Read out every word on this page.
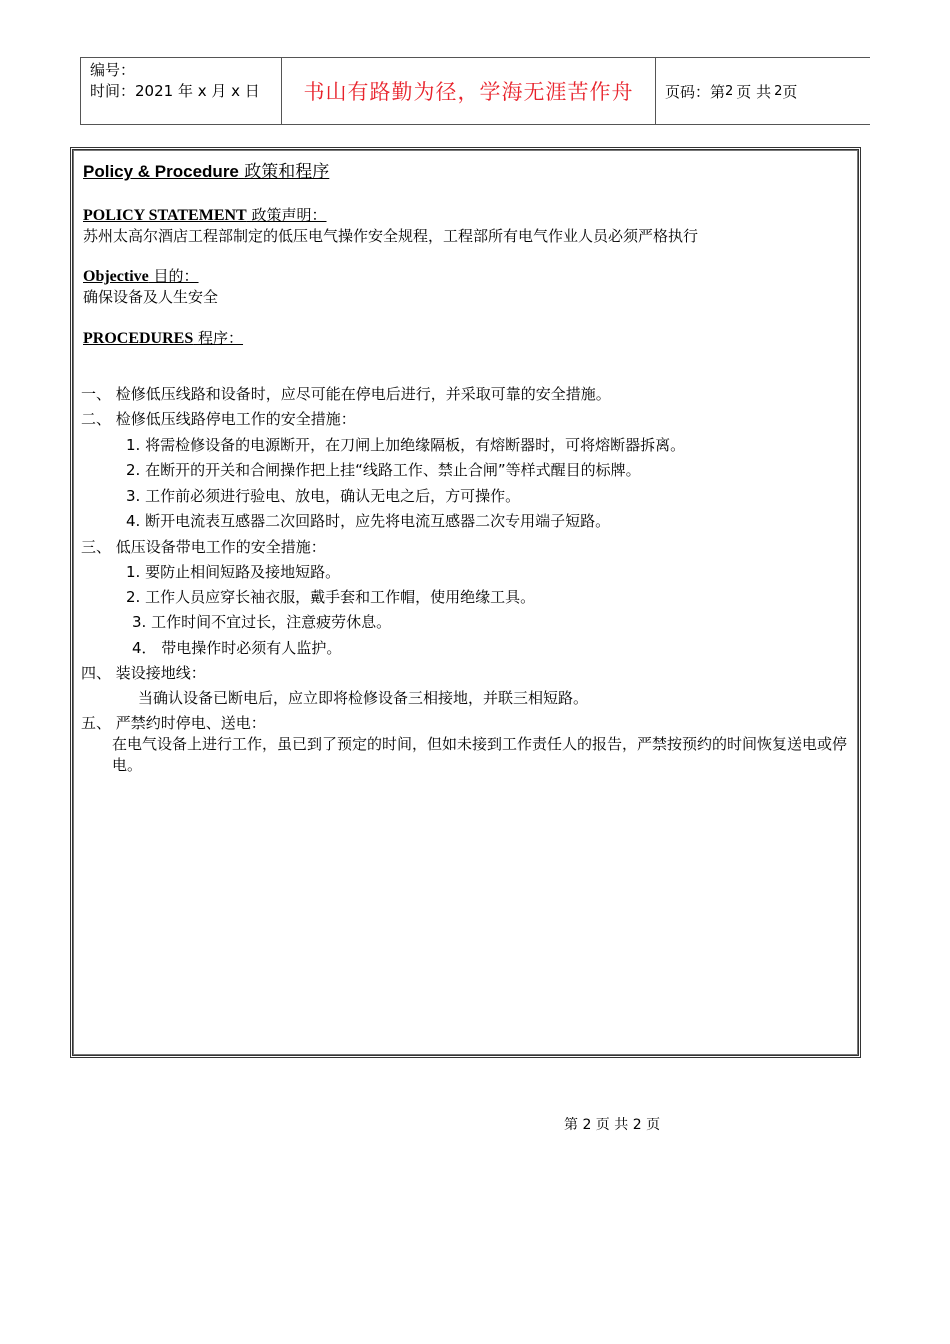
编号：
时间：2021 年 x 月 x 日	书山有路勤为径，学海无涯苦作舟 页码：第 2 页 共 2 页
Policy & Procedure 政策和程序
POLICY STATEMENT 政策声明：
苏州太高尔酒店工程部制定的低压电气操作安全规程，工程部所有电气作业人员必须严格执行
Objective 目的：
确保设备及人生安全
PROCEDURES 程序：
一、 检修低压线路和设备时，应尽可能在停电后进行，并采取可靠的安全措施。
二、 检修低压线路停电工作的安全措施：
1. 将需检修设备的电源断开，在刀闸上加绝缘隔板，有熔断器时，可将熔断器拆离。
2. 在断开的开关和合闸操作把上挂“线路工作、禁止合闸”等样式醒目的标牌。
3. 工作前必须进行验电、放电，确认无电之后，方可操作。
4. 断开电流表互感器二次回路时，应先将电流互感器二次专用端子短路。
三、 低压设备带电工作的安全措施：
1. 要防止相间短路及接地短路。
2. 工作人员应穿长袖衣服，戴手套和工作帽，使用绝缘工具。
3. 工作时间不宜过长，注意疲劳休息。
4． 带电操作时必须有人监护。
四、 装设接地线：
当确认设备已断电后，应立即将检修设备三相接地，并联三相短路。
五、 严禁约时停电、送电：
在电气设备上进行工作，虽已到了预定的时间，但如未接到工作责任人的报告，严禁按预约的时间恢复送电或停电。
第 2 页 共 2 页
